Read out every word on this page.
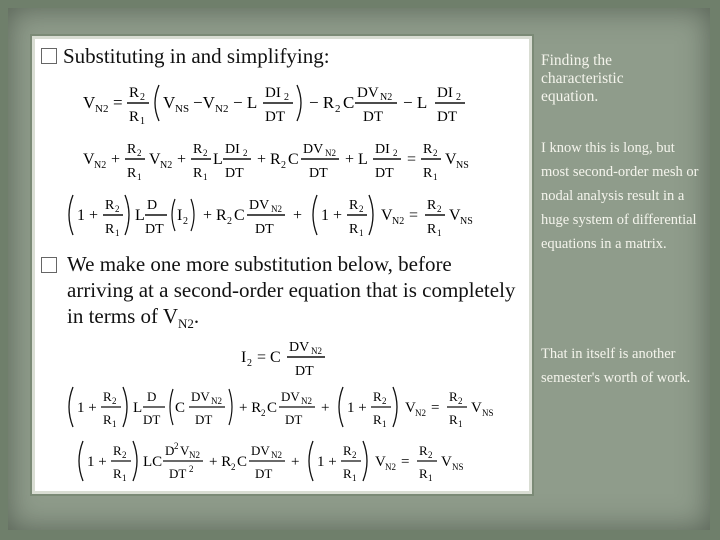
Substituting in and simplifying:
V N2 = R 2
R 1
V NS −V N2 − L DI 2
DT
− R 2 C DV N2
DT
− L DI 2
DT
V N2 +
R 2
R 1
V N2 +
R 2
R 1
L
DI 2
DT
+ R 2 C
DV N2
DT
+ L
DI 2
DT
=
R 2
R 1
V NS
1 +
R 2
R 1
L
D
DT
I 2 + R 2 C
DV N2
DT
+ 1 +
R 2
R 1
V N2 =
R 2
R 1
V NS
We make one more substitution below, before arriving at a second-order equation that is completely in terms of $V_{N2}$.
I 2 = C
DV N2
DT
1 +
R 2
R 1
L
D
DT
C
DV N2
DT
+ R 2 C
DV N2
DT
+ 1 +
R 2
R 1
V N2 =
R 2
R 1
V NS
1 +
R 2
R 1
LC
D 2 V N2
DT 2 + R 2 C
DV N2
DT
+ 1 +
R 2
R 1
V N2 =
R 2
R 1
V NS
Finding the characteristic equation.
I know this is long, but most second-order mesh or nodal analysis result in a huge system of differential equations in a matrix.
That in itself is another semester's worth of work.
